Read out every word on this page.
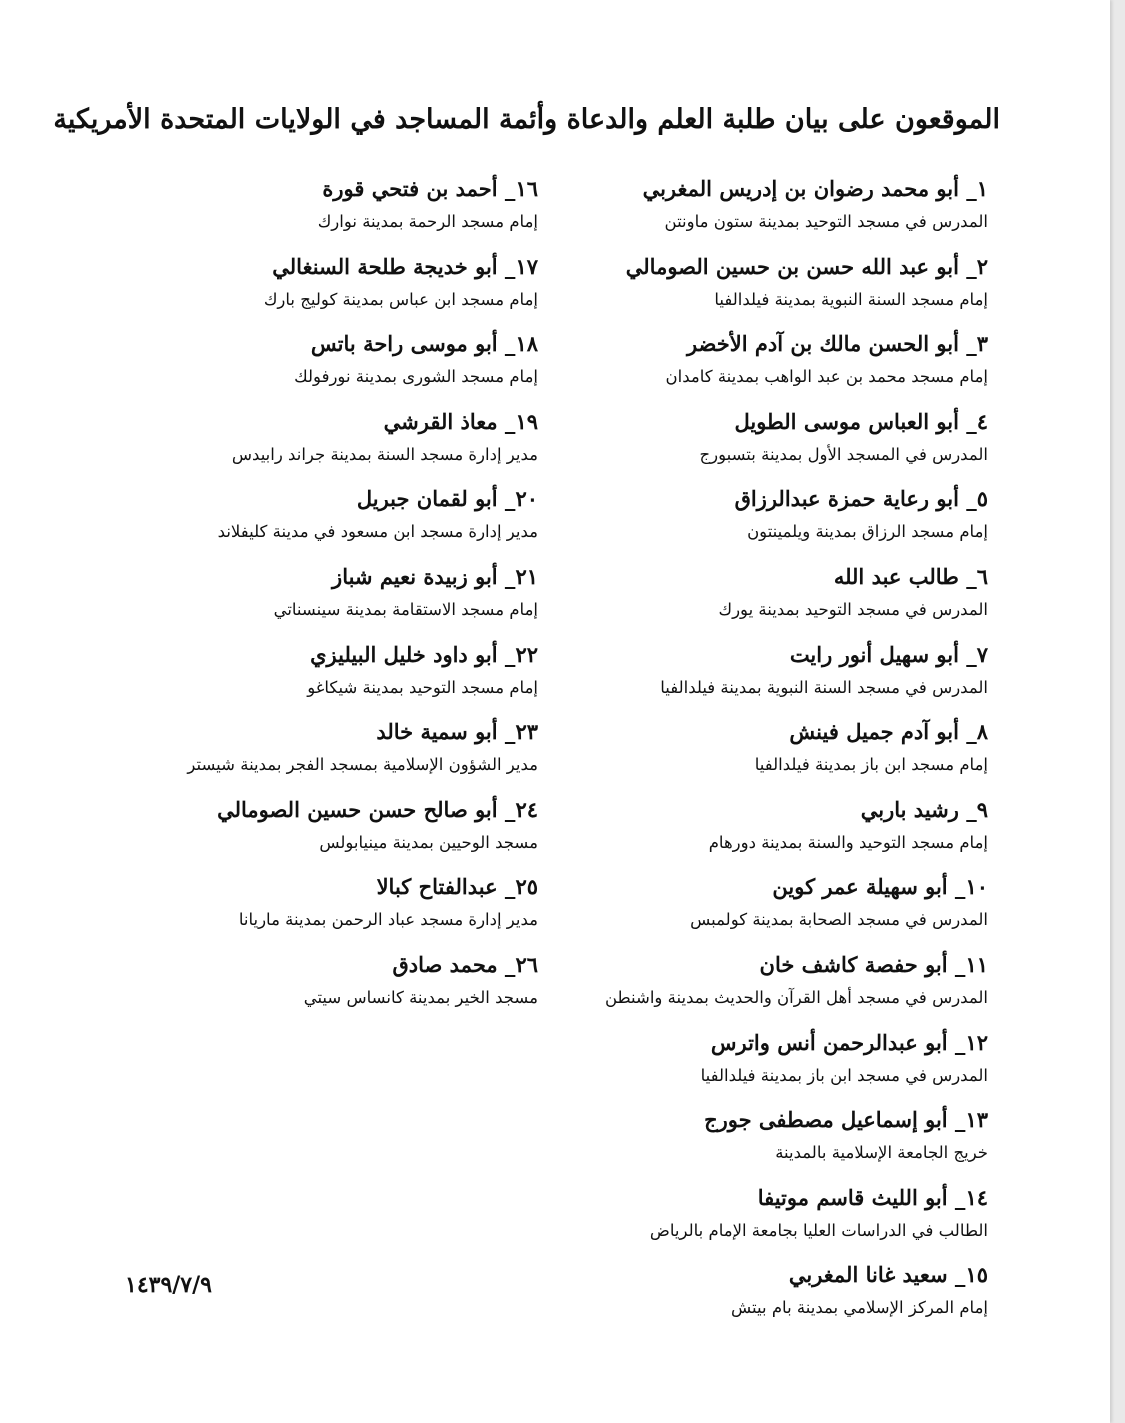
الموقعون على بيان طلبة العلم والدعاة وأئمة المساجد في الولايات المتحدة الأمريكية
١_ أبو محمد رضوان بن إدريس المغربي
المدرس في مسجد التوحيد بمدينة ستون ماونتن
٢_ أبو عبد الله حسن بن حسين الصومالي
إمام مسجد السنة النبوية بمدينة فيلدالفيا
٣_ أبو الحسن مالك بن آدم الأخضر
إمام مسجد محمد بن عبد الواهب بمدينة كامدان
٤_ أبو العباس موسى الطويل
المدرس في المسجد الأول بمدينة بتسبورج
٥_ أبو رعاية حمزة عبدالرزاق
إمام مسجد الرزاق بمدينة ويلمينتون
٦_ طالب عبد الله
المدرس في مسجد التوحيد بمدينة يورك
٧_ أبو سهيل أنور رايت
المدرس في مسجد السنة النبوية بمدينة فيلدالفيا
٨_ أبو آدم جميل فينش
إمام مسجد ابن باز بمدينة فيلدالفيا
٩_ رشيد باربي
إمام مسجد التوحيد والسنة بمدينة دورهام
١٠_ أبو سهيلة عمر كوين
المدرس في مسجد الصحابة بمدينة كولمبس
١١_ أبو حفصة كاشف خان
المدرس في مسجد أهل القرآن والحديث بمدينة واشنطن
١٢_ أبو عبدالرحمن أنس واترس
المدرس في مسجد ابن باز بمدينة فيلدالفيا
١٣_ أبو إسماعيل مصطفى جورج
خريج الجامعة الإسلامية بالمدينة
١٤_ أبو الليث قاسم موتيفا
الطالب في الدراسات العليا بجامعة الإمام بالرياض
١٥_ سعيد غانا المغربي
إمام المركز الإسلامي بمدينة بام بيتش
١٦_ أحمد بن فتحي قورة
إمام مسجد الرحمة بمدينة نوارك
١٧_ أبو خديجة طلحة السنغالي
إمام مسجد ابن عباس بمدينة كوليج بارك
١٨_ أبو موسى راحة باتس
إمام مسجد الشورى بمدينة نورفولك
١٩_ معاذ القرشي
مدير إدارة مسجد السنة بمدينة جراند رابيدس
٢٠_ أبو لقمان جبريل
مدير إدارة مسجد ابن مسعود في مدينة كليفلاند
٢١_ أبو زبيدة نعيم شباز
إمام مسجد الاستقامة بمدينة سينسناتي
٢٢_ أبو داود خليل البيليزي
إمام مسجد التوحيد بمدينة شيكاغو
٢٣_ أبو سمية خالد
مدير الشؤون الإسلامية بمسجد الفجر بمدينة شيستر
٢٤_ أبو صالح حسن حسين الصومالي
مسجد الوحيين بمدينة مينيابولس
٢٥_ عبدالفتاح كبالا
مدير إدارة مسجد عباد الرحمن بمدينة ماريانا
٢٦_ محمد صادق
مسجد الخير بمدينة كانساس سيتي
١٤٣٩/٧/٩
